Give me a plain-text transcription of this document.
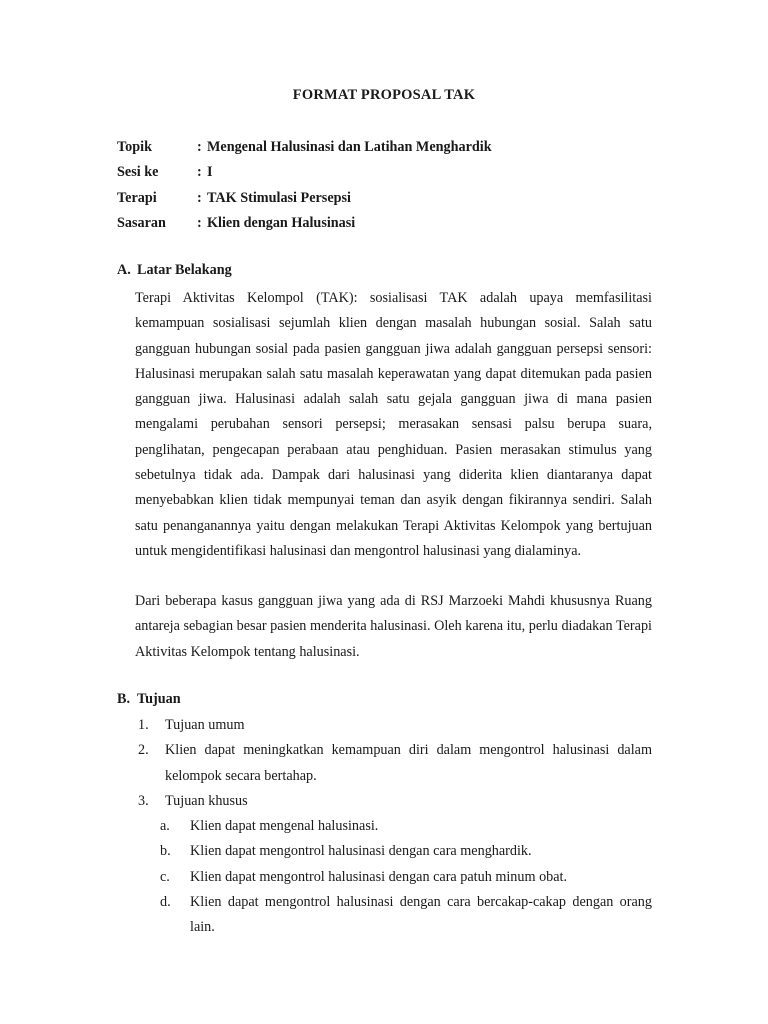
FORMAT PROPOSAL TAK
Topik	: Mengenal Halusinasi dan Latihan Menghardik
Sesi ke	: I
Terapi	: TAK Stimulasi Persepsi
Sasaran : Klien dengan Halusinasi
A. Latar Belakang
Terapi Aktivitas Kelompol (TAK): sosialisasi TAK adalah upaya memfasilitasi kemampuan sosialisasi sejumlah klien dengan masalah hubungan sosial. Salah satu gangguan hubungan sosial pada pasien gangguan jiwa adalah gangguan persepsi sensori: Halusinasi merupakan salah satu masalah keperawatan yang dapat ditemukan pada pasien gangguan jiwa. Halusinasi adalah salah satu gejala gangguan jiwa di mana pasien mengalami perubahan sensori persepsi; merasakan sensasi palsu berupa suara, penglihatan, pengecapan perabaan atau penghiduan. Pasien merasakan stimulus yang sebetulnya tidak ada. Dampak dari halusinasi yang diderita klien diantaranya dapat menyebabkan klien tidak mempunyai teman dan asyik dengan fikirannya sendiri. Salah satu penanganannya yaitu dengan melakukan Terapi Aktivitas Kelompok yang bertujuan untuk mengidentifikasi halusinasi dan mengontrol halusinasi yang dialaminya.
Dari beberapa kasus gangguan jiwa yang ada di RSJ Marzoeki Mahdi khususnya Ruang antareja sebagian besar pasien menderita halusinasi. Oleh karena itu, perlu diadakan Terapi Aktivitas Kelompok tentang halusinasi.
B. Tujuan
1. Tujuan umum
2. Klien dapat meningkatkan kemampuan diri dalam mengontrol halusinasi dalam kelompok secara bertahap.
3. Tujuan khusus
a. Klien dapat mengenal halusinasi.
b. Klien dapat mengontrol halusinasi dengan cara menghardik.
c. Klien dapat mengontrol halusinasi dengan cara patuh minum obat.
d. Klien dapat mengontrol halusinasi dengan cara bercakap-cakap dengan orang lain.
